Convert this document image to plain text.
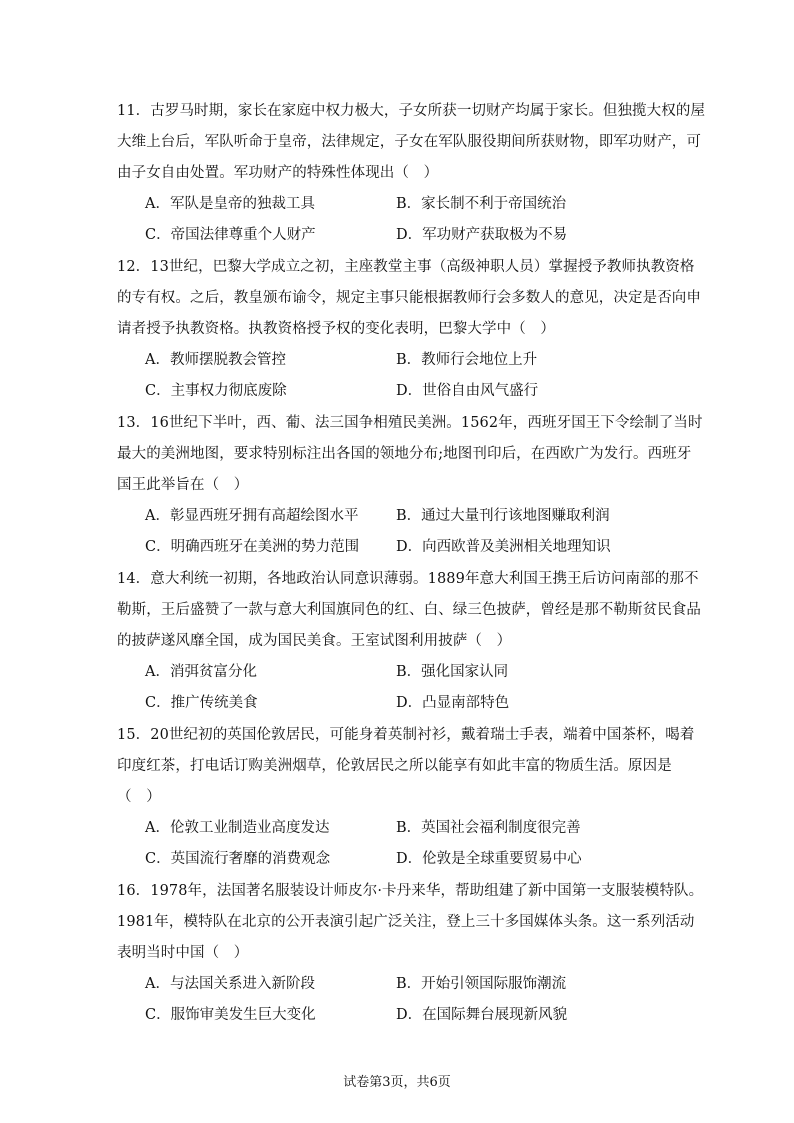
11．古罗马时期，家长在家庭中权力极大，子女所获一切财产均属于家长。但独揽大权的屋
大维上台后，军队听命于皇帝，法律规定，子女在军队服役期间所获财物，即军功财产，可
由子女自由处置。军功财产的特殊性体现出（　）
A．军队是皇帝的独裁工具	B．家长制不利于帝国统治
C．帝国法律尊重个人财产	D．军功财产获取极为不易
12．13世纪，巴黎大学成立之初，主座教堂主事（高级神职人员）掌握授予教师执教资格
的专有权。之后，教皇颁布谕令，规定主事只能根据教师行会多数人的意见，决定是否向申
请者授予执教资格。执教资格授予权的变化表明，巴黎大学中（　）
A．教师摆脱教会管控	B．教师行会地位上升
C．主事权力彻底废除	D．世俗自由风气盛行
13．16世纪下半叶，西、葡、法三国争相殖民美洲。1562年，西班牙国王下令绘制了当时
最大的美洲地图，要求特别标注出各国的领地分布;地图刊印后，在西欧广为发行。西班牙
国王此举旨在（　）
A．彰显西班牙拥有高超绘图水平	B．通过大量刊行该地图赚取利润
C．明确西班牙在美洲的势力范围	D．向西欧普及美洲相关地理知识
14．意大利统一初期，各地政治认同意识薄弱。1889年意大利国王携王后访问南部的那不
勒斯，王后盛赞了一款与意大利国旗同色的红、白、绿三色披萨，曾经是那不勒斯贫民食品
的披萨遂风靡全国，成为国民美食。王室试图利用披萨（　）
A．消弭贫富分化	B．强化国家认同
C．推广传统美食	D．凸显南部特色
15．20世纪初的英国伦敦居民，可能身着英制衬衫，戴着瑞士手表，端着中国茶杯，喝着
印度红茶，打电话订购美洲烟草，伦敦居民之所以能享有如此丰富的物质生活。原因是
（　）
A．伦敦工业制造业高度发达	B．英国社会福利制度很完善
C．英国流行奢靡的消费观念	D．伦敦是全球重要贸易中心
16．1978年，法国著名服装设计师皮尔·卡丹来华，帮助组建了新中国第一支服装模特队。
1981年，模特队在北京的公开表演引起广泛关注，登上三十多国媒体头条。这一系列活动
表明当时中国（　）
A．与法国关系进入新阶段	B．开始引领国际服饰潮流
C．服饰审美发生巨大变化	D．在国际舞台展现新风貌
试卷第3页，共6页
